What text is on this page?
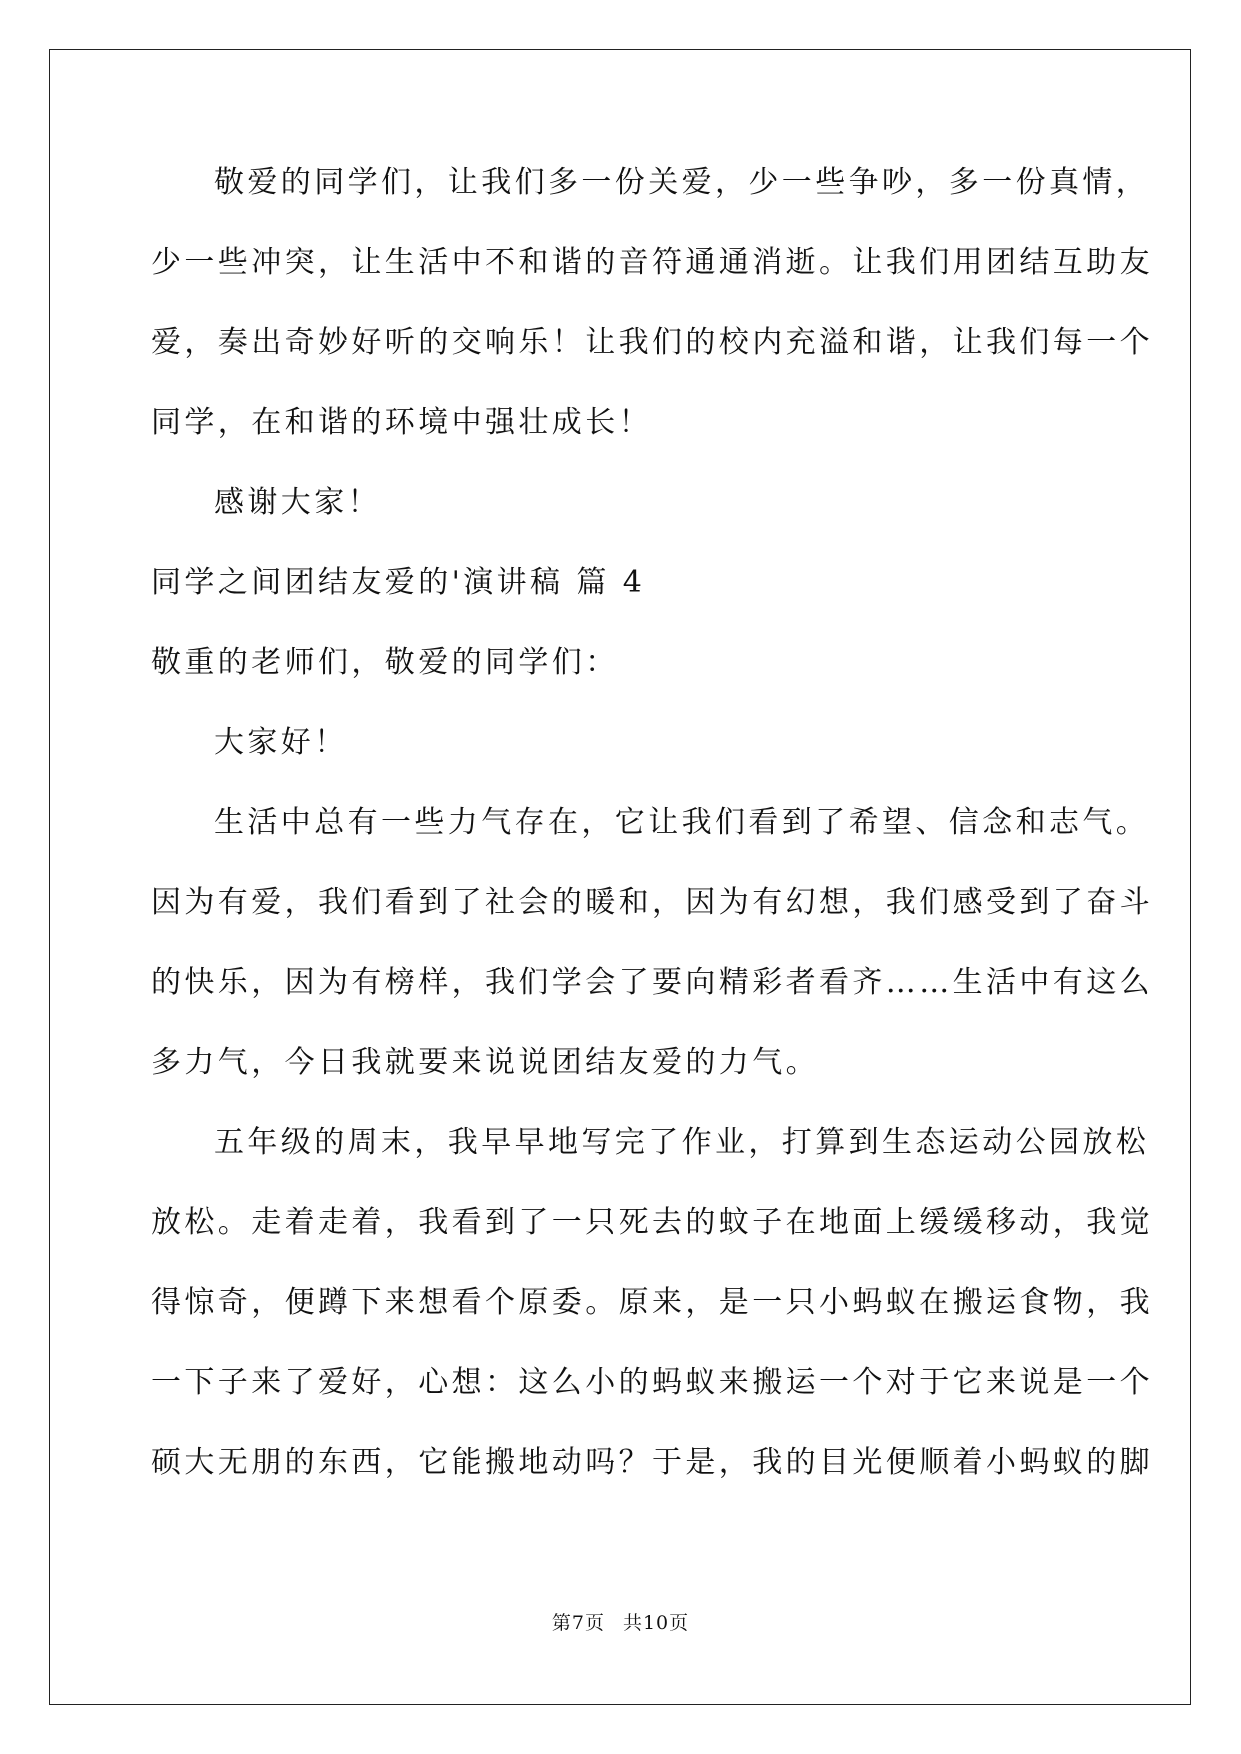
敬爱的同学们，让我们多一份关爱，少一些争吵，多一份真情，

少一些冲突，让生活中不和谐的音符通通消逝。让我们用团结互助友

爱，奏出奇妙好听的交响乐！让我们的校内充溢和谐，让我们每一个

同学，在和谐的环境中强壮成长！

感谢大家！

同学之间团结友爱的'演讲稿 篇 4

敬重的老师们，敬爱的同学们：

大家好！

生活中总有一些力气存在，它让我们看到了希望、信念和志气。

因为有爱，我们看到了社会的暖和，因为有幻想，我们感受到了奋斗

的快乐，因为有榜样，我们学会了要向精彩者看齐……生活中有这么

多力气，今日我就要来说说团结友爱的力气。

五年级的周末，我早早地写完了作业，打算到生态运动公园放松

放松。走着走着，我看到了一只死去的蚊子在地面上缓缓移动，我觉

得惊奇，便蹲下来想看个原委。原来，是一只小蚂蚁在搬运食物，我

一下子来了爱好，心想：这么小的蚂蚁来搬运一个对于它来说是一个

硕大无朋的东西，它能搬地动吗？于是，我的目光便顺着小蚂蚁的脚

第7页 共10页
